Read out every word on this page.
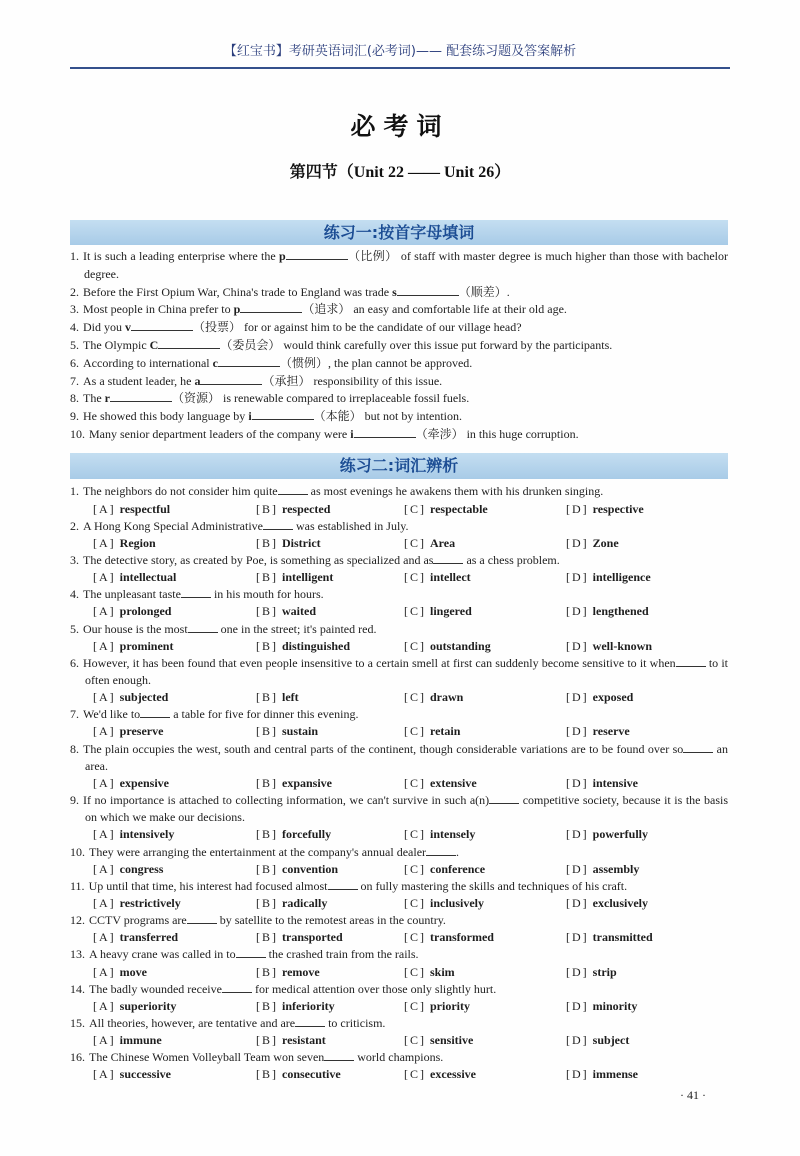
【红宝书】考研英语词汇(必考词)—— 配套练习题及答案解析
必考词
第四节（Unit 22 —— Unit 26）
练习一:按首字母填词
1. It is such a leading enterprise where the p	（比例） of staff with master degree is much higher than those with bachelor degree.
2. Before the First Opium War, China's trade to England was trade s	（顺差）.
3. Most people in China prefer to p	（追求） an easy and comfortable life at their old age.
4. Did you v	（投票） for or against him to be the candidate of our village head?
5. The Olympic C	（委员会） would think carefully over this issue put forward by the participants.
6. According to international c	（惯例）, the plan cannot be approved.
7. As a student leader, he a	（承担） responsibility of this issue.
8. The r	（资源） is renewable compared to irreplaceable fossil fuels.
9. He showed this body language by i	（本能） but not by intention.
10. Many senior department leaders of the company were i	（牵涉） in this huge corruption.
练习二:词汇辨析
1. The neighbors do not consider him quite	as most evenings he awakens them with his drunken singing.
[A] respectful	[B] respected	[C] respectable	[D] respective
2. A Hong Kong Special Administrative	was established in July.
[A] Region	[B] District	[C] Area	[D] Zone
3. The detective story, as created by Poe, is something as specialized and as	as a chess problem.
[A] intellectual	[B] intelligent	[C] intellect	[D] intelligence
4. The unpleasant taste	in his mouth for hours.
[A] prolonged	[B] waited	[C] lingered	[D] lengthened
5. Our house is the most	one in the street; it's painted red.
[A] prominent	[B] distinguished	[C] outstanding	[D] well-known
6. However, it has been found that even people insensitive to a certain smell at first can suddenly become sensitive to it when	to it often enough.
[A] subjected	[B] left	[C] drawn	[D] exposed
7. We'd like to	a table for five for dinner this evening.
[A] preserve	[B] sustain	[C] retain	[D] reserve
8. The plain occupies the west, south and central parts of the continent, though considerable variations are to be found over so	an area.
[A] expensive	[B] expansive	[C] extensive	[D] intensive
9. If no importance is attached to collecting information, we can't survive in such a(n)	competitive society, because it is the basis on which we make our decisions.
[A] intensively	[B] forcefully	[C] intensely	[D] powerfully
10. They were arranging the entertainment at the company's annual dealer	.
[A] congress	[B] convention	[C] conference	[D] assembly
11. Up until that time, his interest had focused almost	on fully mastering the skills and techniques of his craft.
[A] restrictively	[B] radically	[C] inclusively	[D] exclusively
12. CCTV programs are	by satellite to the remotest areas in the country.
[A] transferred	[B] transported	[C] transformed	[D] transmitted
13. A heavy crane was called in to	the crashed train from the rails.
[A] move	[B] remove	[C] skim	[D] strip
14. The badly wounded receive	for medical attention over those only slightly hurt.
[A] superiority	[B] inferiority	[C] priority	[D] minority
15. All theories, however, are tentative and are	to criticism.
[A] immune	[B] resistant	[C] sensitive	[D] subject
16. The Chinese Women Volleyball Team won seven	world champions.
[A] successive	[B] consecutive	[C] excessive	[D] immense
· 41 ·
